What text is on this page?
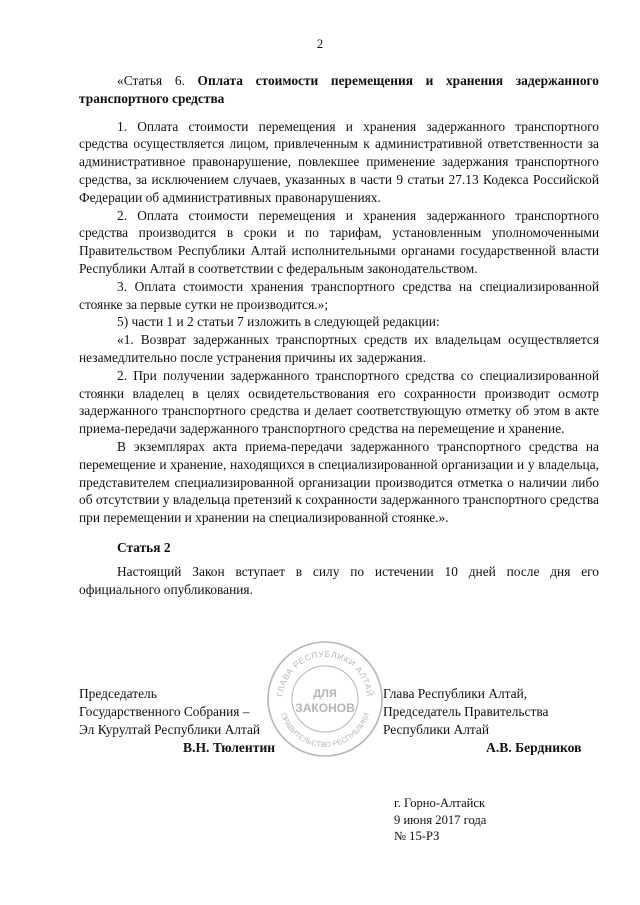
2

«Статья 6. Оплата стоимости перемещения и хранения задержанного транспортного средства

1. Оплата стоимости перемещения и хранения задержанного транспортного средства осуществляется лицом, привлеченным к административной ответственности за административное правонарушение, повлекшее применение задержания транспортного средства, за исключением случаев, указанных в части 9 статьи 27.13 Кодекса Российской Федерации об административных правонарушениях.

2. Оплата стоимости перемещения и хранения задержанного транспортного средства производится в сроки и по тарифам, установленным уполномоченными Правительством Республики Алтай исполнительными органами государственной власти Республики Алтай в соответствии с федеральным законодательством.

3. Оплата стоимости хранения транспортного средства на специализированной стоянке за первые сутки не производится.»;

5) части 1 и 2 статьи 7 изложить в следующей редакции:

«1. Возврат задержанных транспортных средств их владельцам осуществляется незамедлительно после устранения причины их задержания.

2. При получении задержанного транспортного средства со специализированной стоянки владелец в целях освидетельствования его сохранности производит осмотр задержанного транспортного средства и делает соответствующую отметку об этом в акте приема-передачи задержанного транспортного средства на перемещение и хранение.

В экземплярах акта приема-передачи задержанного транспортного средства на перемещение и хранение, находящихся в специализированной организации и у владельца, представителем специализированной организации производится отметка о наличии либо об отсутствии у владельца претензий к сохранности задержанного транспортного средства при перемещении и хранении на специализированной стоянке.».

Статья 2

Настоящий Закон вступает в силу по истечении 10 дней после дня его официального опубликования.

Председатель
Государственного Собрания –
Эл Курултай Республики Алтай
В.Н. Тюлентин
Глава Республики Алтай,
Председатель Правительства
Республики Алтай
А.В. Бердников
ГЛАВА РЕСПУБЛИКИ АЛТАЙ
ПРАВИТЕЛЬСТВО РЕСПУБЛИКИ
ДЛЯ
ЗАКОНОВ
г. Горно-Алтайск
9 июня 2017 года
№ 15-РЗ
